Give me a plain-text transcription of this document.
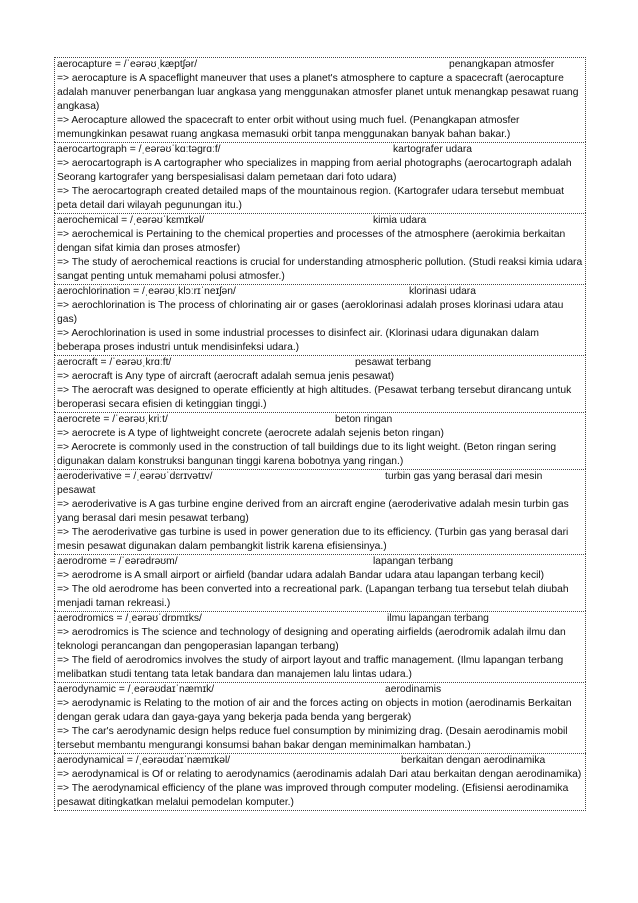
aerocapture = /ˈeərəʊˌkæptʃər/	penangkapan atmosfer
=> aerocapture is A spaceflight maneuver that uses a planet's atmosphere to capture a spacecraft (aerocapture adalah manuver penerbangan luar angkasa yang menggunakan atmosfer planet untuk menangkap pesawat ruang angkasa)
=> Aerocapture allowed the spacecraft to enter orbit without using much fuel. (Penangkapan atmosfer memungkinkan pesawat ruang angkasa memasuki orbit tanpa menggunakan banyak bahan bakar.)
aerocartograph = /ˌeərəʊˈkɑːtəɡrɑːf/	kartografer udara
=> aerocartograph is A cartographer who specializes in mapping from aerial photographs (aerocartograph adalah Seorang kartografer yang berspesialisasi dalam pemetaan dari foto udara)
=> The aerocartograph created detailed maps of the mountainous region. (Kartografer udara tersebut membuat peta detail dari wilayah pegunungan itu.)
aerochemical = /ˌeərəʊˈkɛmɪkəl/	kimia udara
=> aerochemical is Pertaining to the chemical properties and processes of the atmosphere (aerokimia berkaitan dengan sifat kimia dan proses atmosfer)
=> The study of aerochemical reactions is crucial for understanding atmospheric pollution. (Studi reaksi kimia udara sangat penting untuk memahami polusi atmosfer.)
aerochlorination = /ˌeərəʊˌklɔːrɪˈneɪʃən/	klorinasi udara
=> aerochlorination is The process of chlorinating air or gases (aeroklorinasi adalah proses klorinasi udara atau gas)
=> Aerochlorination is used in some industrial processes to disinfect air. (Klorinasi udara digunakan dalam beberapa proses industri untuk mendisinfeksi udara.)
aerocraft = /ˈeərəʊˌkrɑːft/	pesawat terbang
=> aerocraft is Any type of aircraft (aerocraft adalah semua jenis pesawat)
=> The aerocraft was designed to operate efficiently at high altitudes. (Pesawat terbang tersebut dirancang untuk beroperasi secara efisien di ketinggian tinggi.)
aerocrete = /ˈeərəʊˌkriːt/	beton ringan
=> aerocrete is A type of lightweight concrete (aerocrete adalah sejenis beton ringan)
=> Aerocrete is commonly used in the construction of tall buildings due to its light weight. (Beton ringan sering digunakan dalam konstruksi bangunan tinggi karena bobotnya yang ringan.)
aeroderivative = /ˌeərəʊˈdɛrɪvətɪv/	turbin gas yang berasal dari mesin
pesawat
=> aeroderivative is A gas turbine engine derived from an aircraft engine (aeroderivative adalah mesin turbin gas yang berasal dari mesin pesawat terbang)
=> The aeroderivative gas turbine is used in power generation due to its efficiency. (Turbin gas yang berasal dari mesin pesawat digunakan dalam pembangkit listrik karena efisiensinya.)
aerodrome = /ˈeərədrəʊm/	lapangan terbang
=> aerodrome is A small airport or airfield (bandar udara adalah Bandar udara atau lapangan terbang kecil)
=> The old aerodrome has been converted into a recreational park. (Lapangan terbang tua tersebut telah diubah menjadi taman rekreasi.)
aerodromics = /ˌeərəʊˈdrɒmɪks/	ilmu lapangan terbang
=> aerodromics is The science and technology of designing and operating airfields (aerodromik adalah ilmu dan teknologi perancangan dan pengoperasian lapangan terbang)
=> The field of aerodromics involves the study of airport layout and traffic management. (Ilmu lapangan terbang melibatkan studi tentang tata letak bandara dan manajemen lalu lintas udara.)
aerodynamic = /ˌeərəʊdaɪˈnæmɪk/	aerodinamis
=> aerodynamic is Relating to the motion of air and the forces acting on objects in motion (aerodinamis Berkaitan dengan gerak udara dan gaya-gaya yang bekerja pada benda yang bergerak)
=> The car's aerodynamic design helps reduce fuel consumption by minimizing drag. (Desain aerodinamis mobil tersebut membantu mengurangi konsumsi bahan bakar dengan meminimalkan hambatan.)
aerodynamical = /ˌeərəʊdaɪˈnæmɪkəl/	berkaitan dengan aerodinamika
=> aerodynamical is Of or relating to aerodynamics (aerodinamis adalah Dari atau berkaitan dengan aerodinamika)
=> The aerodynamical efficiency of the plane was improved through computer modeling. (Efisiensi aerodinamika pesawat ditingkatkan melalui pemodelan komputer.)
